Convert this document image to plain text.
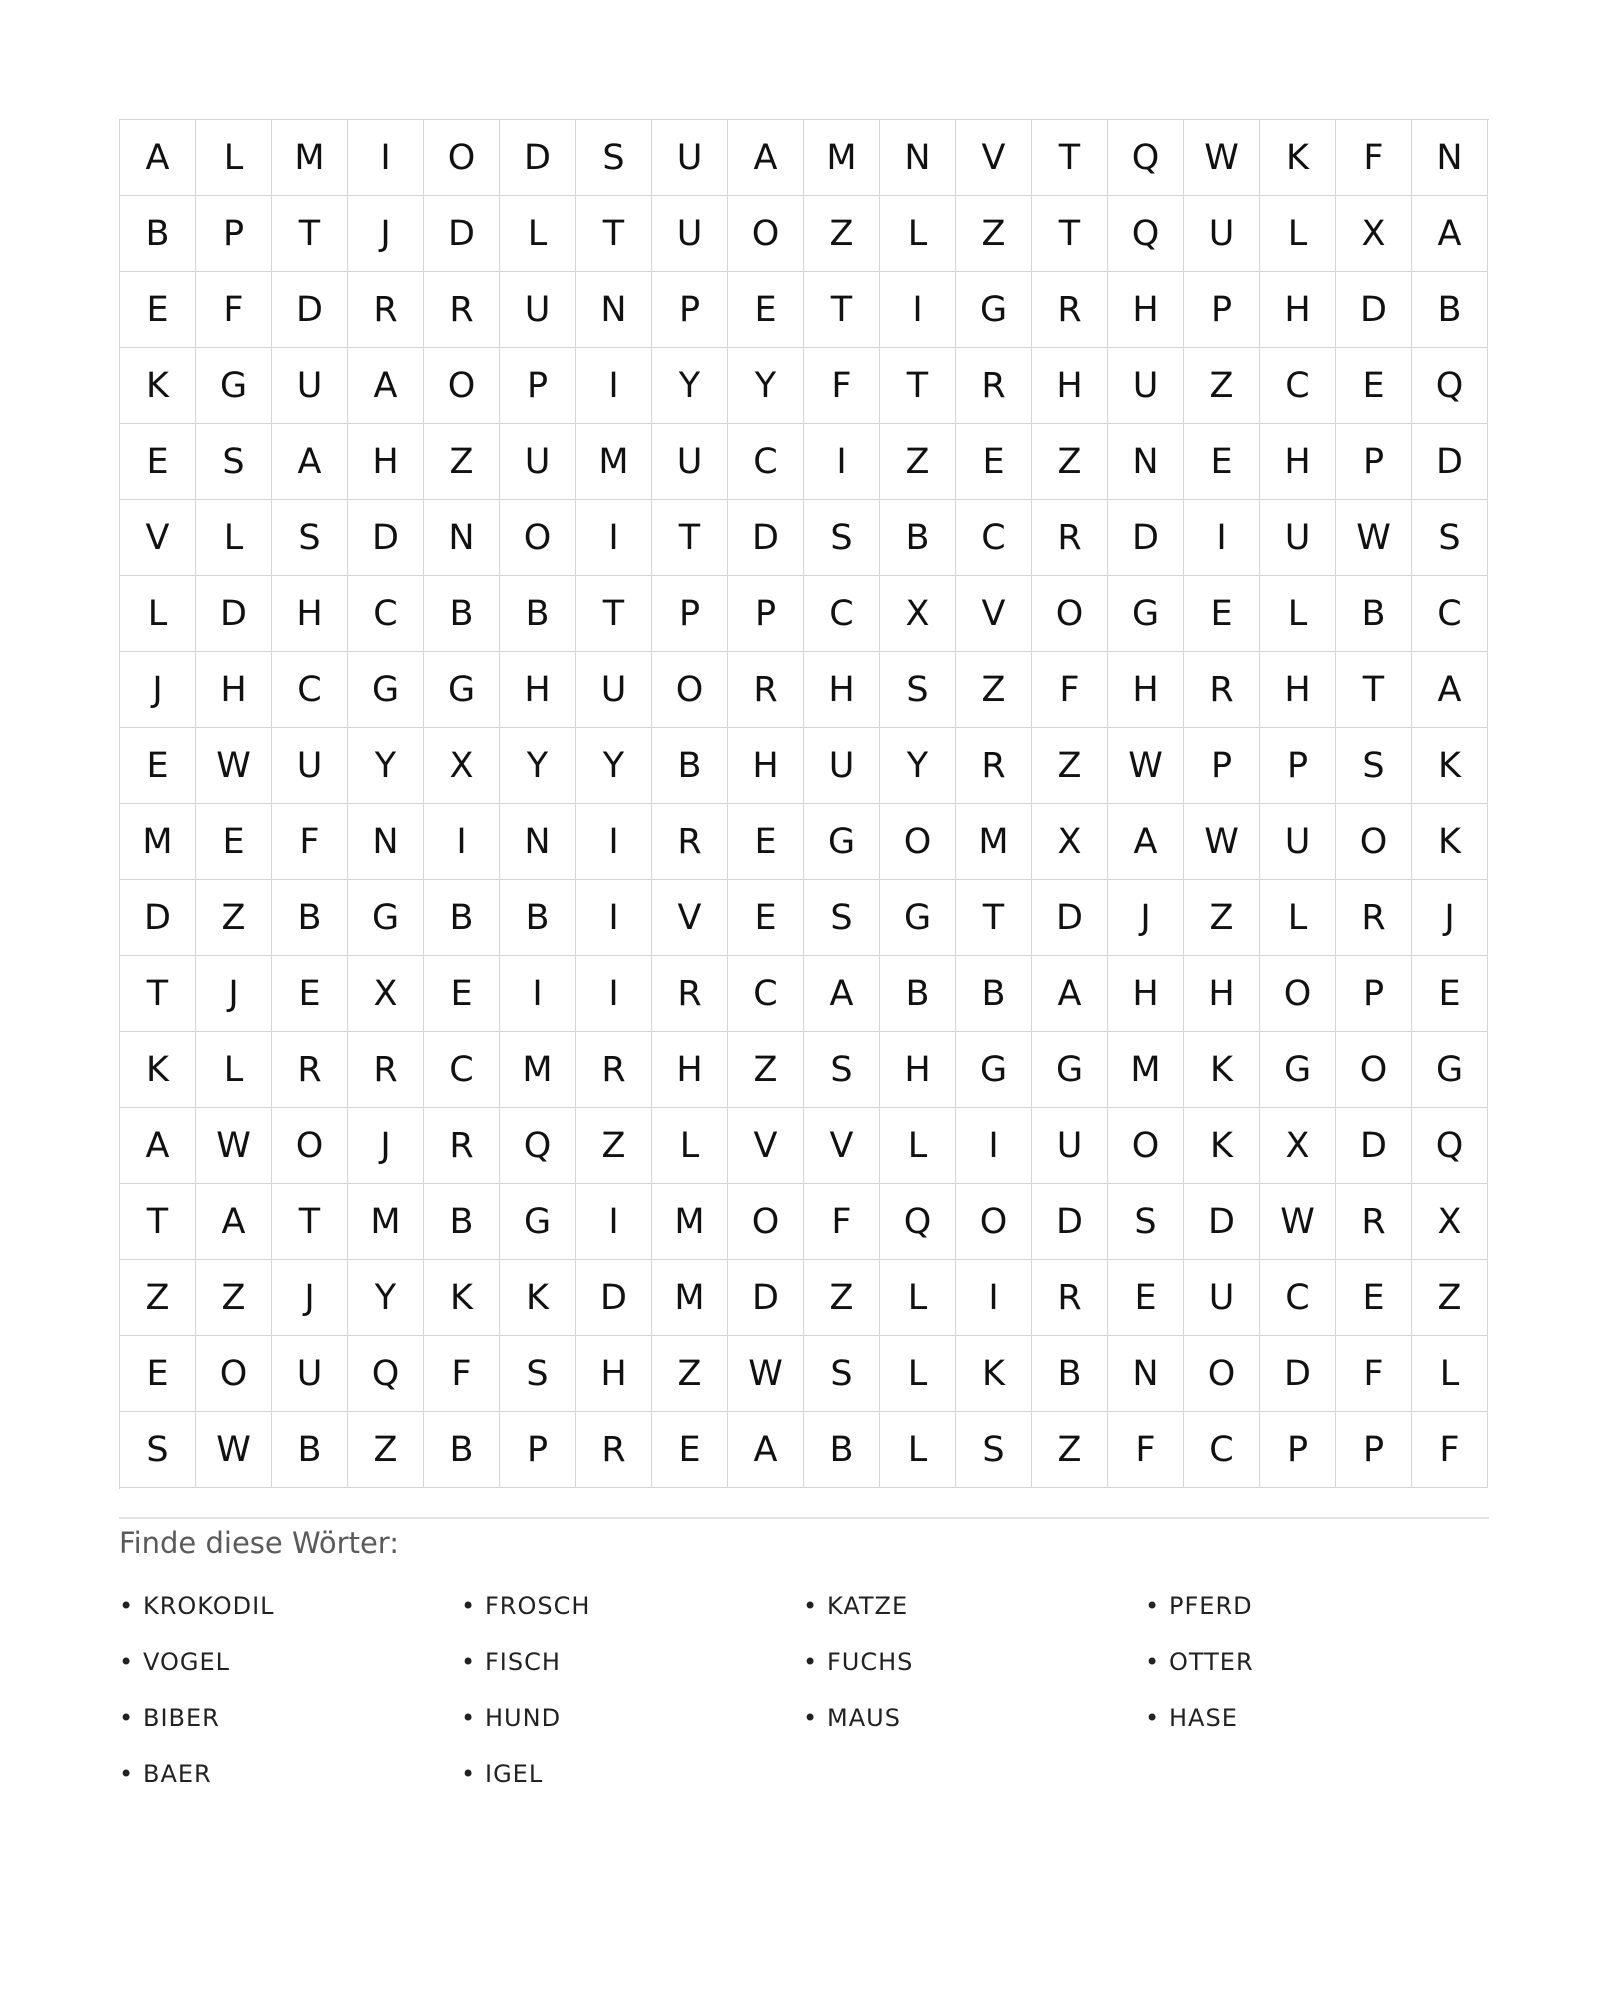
A	L	M	I	O	D	S	U	A	M	N	V	T	Q	W	K	F	N
B	P	T	J	D	L	T	U	O	Z	L	Z	T	Q	U	L	X	A
E	F	D	R	R	U	N	P	E	T	I	G	R	H	P	H	D	B
K	G	U	A	O	P	I	Y	Y	F	T	R	H	U	Z	C	E	Q
E	S	A	H	Z	U	M	U	C	I	Z	E	Z	N	E	H	P	D
V	L	S	D	N	O	I	T	D	S	B	C	R	D	I	U	W	S
L	D	H	C	B	B	T	P	P	C	X	V	O	G	E	L	B	C
J	H	C	G	G	H	U	O	R	H	S	Z	F	H	R	H	T	A
E	W	U	Y	X	Y	Y	B	H	U	Y	R	Z	W	P	P	S	K
M	E	F	N	I	N	I	R	E	G	O	M	X	A	W	U	O	K
D	Z	B	G	B	B	I	V	E	S	G	T	D	J	Z	L	R	J
T	J	E	X	E	I	I	R	C	A	B	B	A	H	H	O	P	E
K	L	R	R	C	M	R	H	Z	S	H	G	G	M	K	G	O	G
A	W	O	J	R	Q	Z	L	V	V	L	I	U	O	K	X	D	Q
T	A	T	M	B	G	I	M	O	F	Q	O	D	S	D	W	R	X
Z	Z	J	Y	K	K	D	M	D	Z	L	I	R	E	U	C	E	Z
E	O	U	Q	F	S	H	Z	W	S	L	K	B	N	O	D	F	L
S	W	B	Z	B	P	R	E	A	B	L	S	Z	F	C	P	P	F
Finde diese Wörter:
• KROKODIL	• FROSCH	• KATZE	• PFERD
• VOGEL	• FISCH	• FUCHS	• OTTER
• BIBER	• HUND	• MAUS	• HASE
• BAER	• IGEL
